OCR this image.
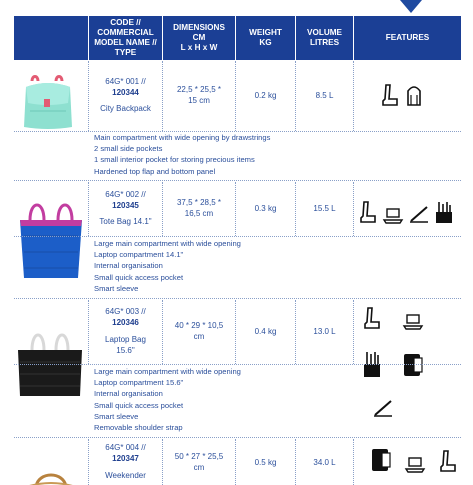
CODE //
COMMERCIAL
MODEL NAME //
TYPE
DIMENSIONS
CM
L x H x W
WEIGHT
KG
VOLUME
LITRES
FEATURES
64G* 001 //
120344
City Backpack
22,5 * 25,5 *
15 cm
0.2 kg	8.5 L
Main compartment with wide opening by drawstrings
2 small side pockets
1 small interior pocket for storing precious items
Hardened top flap and bottom panel
64G* 002 //
120345
Tote Bag 14.1"
37,5 * 28,5 *
16,5 cm
0.3 kg	15.5 L
Large main compartment with wide opening
Laptop compartment 14.1"
Internal organisation
Small quick access pocket
Smart sleeve
64G* 003 //
120346
Laptop Bag
15.6"
40 * 29 * 10,5
cm
0.4 kg	13.0 L
Large main compartment with wide opening
Laptop compartment 15.6"
Internal organisation
Small quick access pocket
Smart sleeve
Removable shoulder strap
64G* 004 //
120347
Weekender
50 * 27 * 25,5
cm
0.5 kg	34.0 L
